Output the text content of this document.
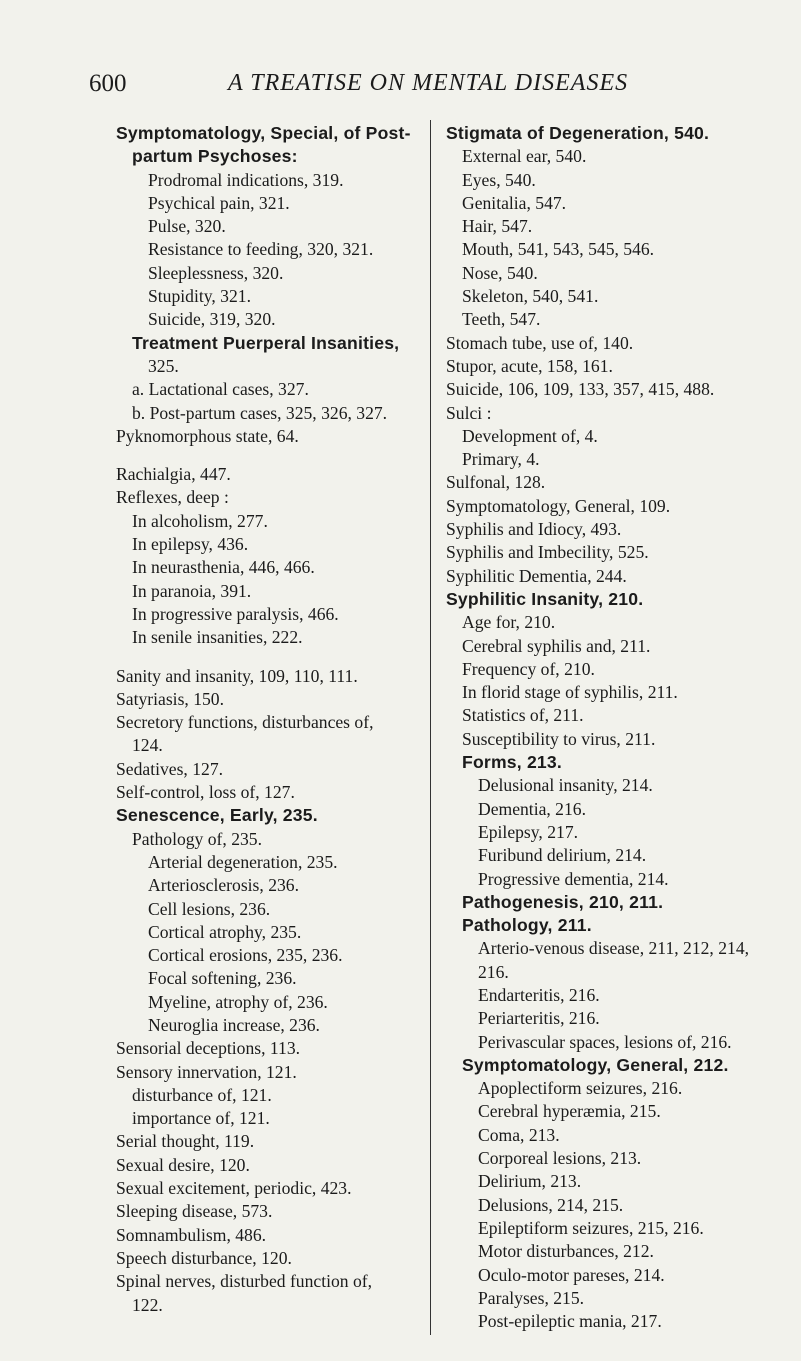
600	A TREATISE ON MENTAL DISEASES
Symptomatology, Special, of Post-
partum Psychoses:
Prodromal indications, 319.
Psychical pain, 321.
Pulse, 320.
Resistance to feeding, 320, 321.
Sleeplessness, 320.
Stupidity, 321.
Suicide, 319, 320.
Treatment Puerperal Insanities,
325.
a. Lactational cases, 327.
b. Post-partum cases, 325, 326, 327.
Pyknomorphous state, 64.
Rachialgia, 447.
Reflexes, deep :
In alcoholism, 277.
In epilepsy, 436.
In neurasthenia, 446, 466.
In paranoia, 391.
In progressive paralysis, 466.
In senile insanities, 222.
Sanity and insanity, 109, 110, 111.
Satyriasis, 150.
Secretory functions, disturbances of,
124.
Sedatives, 127.
Self-control, loss of, 127.
Senescence, Early, 235.
Pathology of, 235.
Arterial degeneration, 235.
Arteriosclerosis, 236.
Cell lesions, 236.
Cortical atrophy, 235.
Cortical erosions, 235, 236.
Focal softening, 236.
Myeline, atrophy of, 236.
Neuroglia increase, 236.
Sensorial deceptions, 113.
Sensory innervation, 121.
disturbance of, 121.
importance of, 121.
Serial thought, 119.
Sexual desire, 120.
Sexual excitement, periodic, 423.
Sleeping disease, 573.
Somnambulism, 486.
Speech disturbance, 120.
Spinal nerves, disturbed function of,
122.
Stigmata of Degeneration, 540.
External ear, 540.
Eyes, 540.
Genitalia, 547.
Hair, 547.
Mouth, 541, 543, 545, 546.
Nose, 540.
Skeleton, 540, 541.
Teeth, 547.
Stomach tube, use of, 140.
Stupor, acute, 158, 161.
Suicide, 106, 109, 133, 357, 415, 488.
Sulci :
Development of, 4.
Primary, 4.
Sulfonal, 128.
Symptomatology, General, 109.
Syphilis and Idiocy, 493.
Syphilis and Imbecility, 525.
Syphilitic Dementia, 244.
Syphilitic Insanity, 210.
Age for, 210.
Cerebral syphilis and, 211.
Frequency of, 210.
In florid stage of syphilis, 211.
Statistics of, 211.
Susceptibility to virus, 211.
Forms, 213.
Delusional insanity, 214.
Dementia, 216.
Epilepsy, 217.
Furibund delirium, 214.
Progressive dementia, 214.
Pathogenesis, 210, 211.
Pathology, 211.
Arterio-venous disease, 211, 212, 214,
216.
Endarteritis, 216.
Periarteritis, 216.
Perivascular spaces, lesions of, 216.
Symptomatology, General, 212.
Apoplectiform seizures, 216.
Cerebral hyperæmia, 215.
Coma, 213.
Corporeal lesions, 213.
Delirium, 213.
Delusions, 214, 215.
Epileptiform seizures, 215, 216.
Motor disturbances, 212.
Oculo-motor pareses, 214.
Paralyses, 215.
Post-epileptic mania, 217.
